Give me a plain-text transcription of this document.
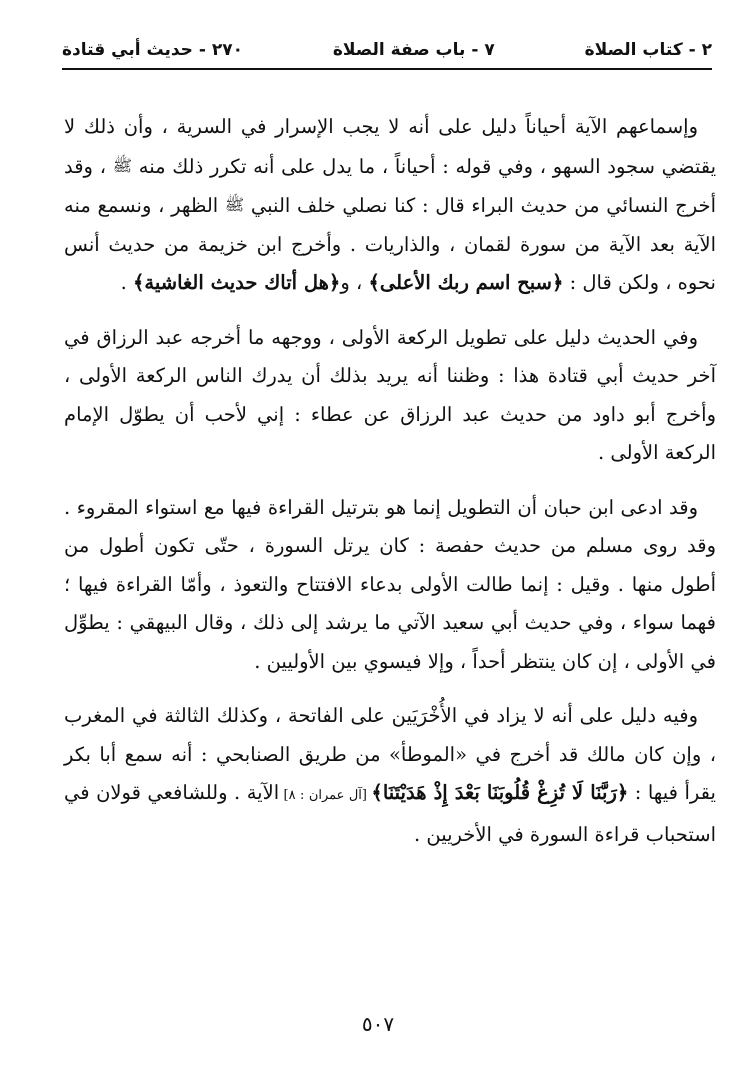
٢ - كتاب الصلاة
٧ - باب صفة الصلاة
٢٧٠ - حديث أبي قتادة

وإسماعهم الآية أحياناً دليل على أنه لا يجب الإسرار في السرية ، وأن ذلك لا يقتضي سجود السهو ، وفي قوله : أحياناً ، ما يدل على أنه تكرر ذلك منه ﷺ ، وقد أخرج النسائي من حديث البراء قال : كنا نصلي خلف النبي ﷺ الظهر ، ونسمع منه الآية بعد الآية من سورة لقمان ، والذاريات . وأخرج ابن خزيمة من حديث أنس نحوه ، ولكن قال : ﴿سبح اسم ربك الأعلى﴾ ، و﴿هل أتاك حديث الغاشية﴾ .

وفي الحديث دليل على تطويل الركعة الأولى ، ووجهه ما أخرجه عبد الرزاق في آخر حديث أبي قتادة هذا : وظننا أنه يريد بذلك أن يدرك الناس الركعة الأولى ، وأخرج أبو داود من حديث عبد الرزاق عن عطاء : إني لأحب أن يطوّل الإمام الركعة الأولى .

وقد ادعى ابن حبان أن التطويل إنما هو بترتيل القراءة فيها مع استواء المقروء . وقد روى مسلم من حديث حفصة : كان يرتل السورة ، حتّى تكون أطول من أطول منها . وقيل : إنما طالت الأولى بدعاء الافتتاح والتعوذ ، وأمّا القراءة فيها ؛ فهما سواء ، وفي حديث أبي سعيد الآتي ما يرشد إلى ذلك ، وقال البيهقي : يطوِّل في الأولى ، إن كان ينتظر أحداً ، وإلا فيسوي بين الأوليين .

وفيه دليل على أنه لا يزاد في الأُخْرَيَين على الفاتحة ، وكذلك الثالثة في المغرب ، وإن كان مالك قد أخرج في «الموطأ» من طريق الصنابحي : أنه سمع أبا بكر يقرأ فيها : ﴿رَبَّنَا لَا تُزِغْ قُلُوبَنَا بَعْدَ إِذْ هَدَيْتَنَا﴾ [آل عمران : ٨] الآية . وللشافعي قولان في استحباب قراءة السورة في الأخريين .

٥٠٧
